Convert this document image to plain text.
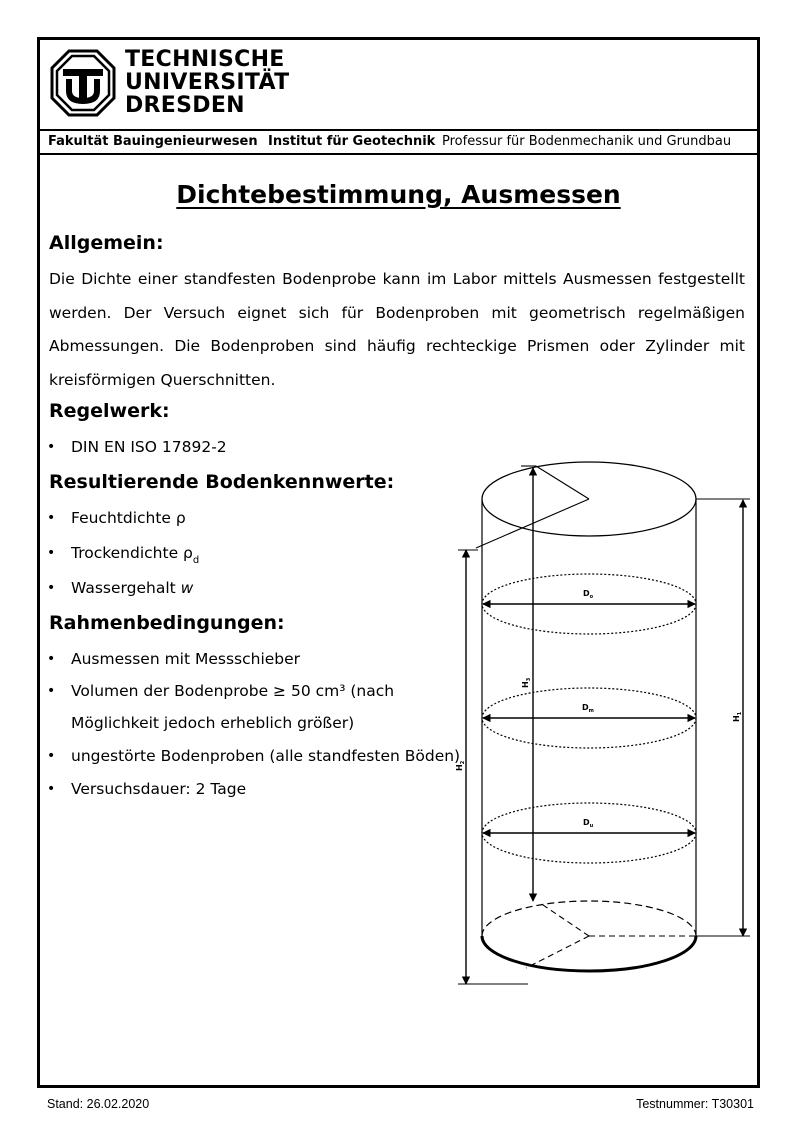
TECHNISCHE
UNIVERSITÄT
DRESDEN
Fakultät Bauingenieurwesen Institut für Geotechnik Professur für Bodenmechanik und Grundbau
Dichtebestimmung, Ausmessen
Allgemein:
Die Dichte einer standfesten Bodenprobe kann im Labor mittels Ausmessen festgestellt werden. Der Versuch eignet sich für Bodenproben mit geometrisch regelmäßigen Abmessungen. Die Bodenproben sind häufig rechteckige Prismen oder Zylinder mit kreisförmigen Querschnitten.
Regelwerk:
• DIN EN ISO 17892-2
Resultierende Bodenkennwerte:
• Feuchtdichte ρ
• Trockendichte $\rho_d$
• Wassergehalt w
Rahmenbedingungen:
• Ausmessen mit Messschieber
• Volumen der Bodenprobe ≥ 50 cm³ (nach
Möglichkeit jedoch erheblich größer)
• ungestörte Bodenproben (alle standfesten Böden)
• Versuchsdauer: 2 Tage
$D_o$
$D_m$
$D_u$
$H_3$
$H_2$
$H_1$
Stand: 26.02.2020	Testnummer: T30301
